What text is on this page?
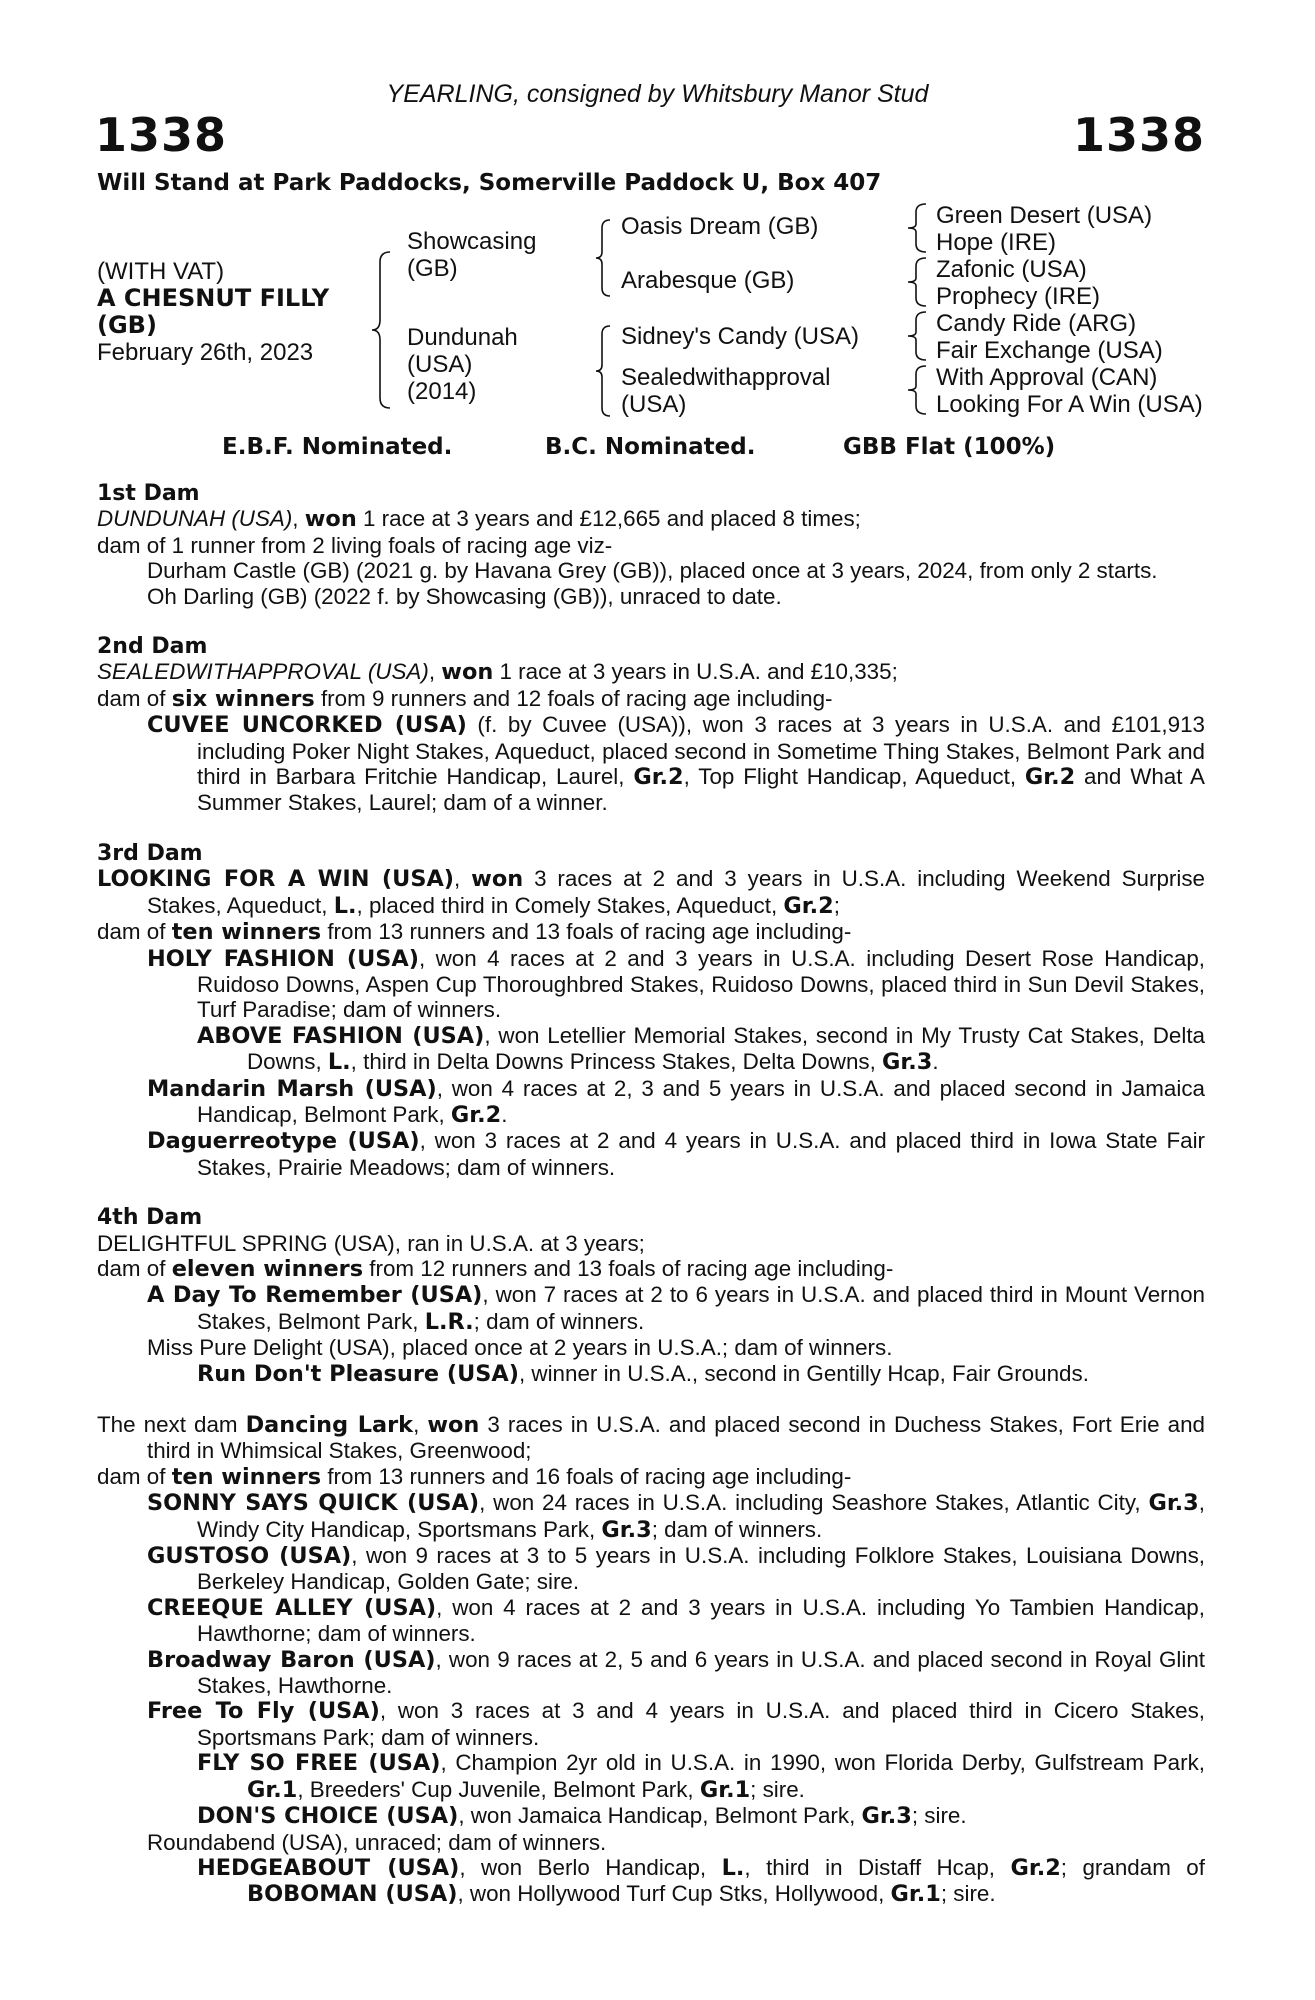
YEARLING, consigned by Whitsbury Manor Stud
1338	1338
Will Stand at Park Paddocks, Somerville Paddock U, Box 407
(WITH VAT)
A CHESNUT FILLY
(GB)
February 26th, 2023
Showcasing
(GB)
Dundunah
(USA)
(2014)
Oasis Dream (GB)
Arabesque (GB)
Sidney's Candy (USA)
Sealedwithapproval
(USA)
Green Desert (USA)
Hope (IRE)
Zafonic (USA)
Prophecy (IRE)
Candy Ride (ARG)
Fair Exchange (USA)
With Approval (CAN)
Looking For A Win (USA)
E.B.F. Nominated.	B.C. Nominated.	GBB Flat (100%)
1st Dam
DUNDUNAH (USA), won 1 race at 3 years and £12,665 and placed 8 times;
dam of 1 runner from 2 living foals of racing age viz-
Durham Castle (GB) (2021 g. by Havana Grey (GB)), placed once at 3 years, 2024, from only 2 starts.
Oh Darling (GB) (2022 f. by Showcasing (GB)), unraced to date.
2nd Dam
SEALEDWITHAPPROVAL (USA), won 1 race at 3 years in U.S.A. and £10,335;
dam of six winners from 9 runners and 12 foals of racing age including-
CUVEE UNCORKED (USA) (f. by Cuvee (USA)), won 3 races at 3 years in U.S.A. and £101,913 including Poker Night Stakes, Aqueduct, placed second in Sometime Thing Stakes, Belmont Park and third in Barbara Fritchie Handicap, Laurel, Gr.2, Top Flight Handicap, Aqueduct, Gr.2 and What A Summer Stakes, Laurel; dam of a winner.
3rd Dam
LOOKING FOR A WIN (USA), won 3 races at 2 and 3 years in U.S.A. including Weekend Surprise Stakes, Aqueduct, L., placed third in Comely Stakes, Aqueduct, Gr.2;
dam of ten winners from 13 runners and 13 foals of racing age including-
HOLY FASHION (USA), won 4 races at 2 and 3 years in U.S.A. including Desert Rose Handicap, Ruidoso Downs, Aspen Cup Thoroughbred Stakes, Ruidoso Downs, placed third in Sun Devil Stakes, Turf Paradise; dam of winners.
ABOVE FASHION (USA), won Letellier Memorial Stakes, second in My Trusty Cat Stakes, Delta Downs, L., third in Delta Downs Princess Stakes, Delta Downs, Gr.3.
Mandarin Marsh (USA), won 4 races at 2, 3 and 5 years in U.S.A. and placed second in Jamaica Handicap, Belmont Park, Gr.2.
Daguerreotype (USA), won 3 races at 2 and 4 years in U.S.A. and placed third in Iowa State Fair Stakes, Prairie Meadows; dam of winners.
4th Dam
DELIGHTFUL SPRING (USA), ran in U.S.A. at 3 years;
dam of eleven winners from 12 runners and 13 foals of racing age including-
A Day To Remember (USA), won 7 races at 2 to 6 years in U.S.A. and placed third in Mount Vernon Stakes, Belmont Park, L.R.; dam of winners.
Miss Pure Delight (USA), placed once at 2 years in U.S.A.; dam of winners.
Run Don't Pleasure (USA), winner in U.S.A., second in Gentilly Hcap, Fair Grounds.
The next dam Dancing Lark, won 3 races in U.S.A. and placed second in Duchess Stakes, Fort Erie and third in Whimsical Stakes, Greenwood;
dam of ten winners from 13 runners and 16 foals of racing age including-
SONNY SAYS QUICK (USA), won 24 races in U.S.A. including Seashore Stakes, Atlantic City, Gr.3, Windy City Handicap, Sportsmans Park, Gr.3; dam of winners.
GUSTOSO (USA), won 9 races at 3 to 5 years in U.S.A. including Folklore Stakes, Louisiana Downs, Berkeley Handicap, Golden Gate; sire.
CREEQUE ALLEY (USA), won 4 races at 2 and 3 years in U.S.A. including Yo Tambien Handicap, Hawthorne; dam of winners.
Broadway Baron (USA), won 9 races at 2, 5 and 6 years in U.S.A. and placed second in Royal Glint Stakes, Hawthorne.
Free To Fly (USA), won 3 races at 3 and 4 years in U.S.A. and placed third in Cicero Stakes, Sportsmans Park; dam of winners.
FLY SO FREE (USA), Champion 2yr old in U.S.A. in 1990, won Florida Derby, Gulfstream Park, Gr.1, Breeders' Cup Juvenile, Belmont Park, Gr.1; sire.
DON'S CHOICE (USA), won Jamaica Handicap, Belmont Park, Gr.3; sire.
Roundabend (USA), unraced; dam of winners.
HEDGEABOUT (USA), won Berlo Handicap, L., third in Distaff Hcap, Gr.2; grandam of BOBOMAN (USA), won Hollywood Turf Cup Stks, Hollywood, Gr.1; sire.
